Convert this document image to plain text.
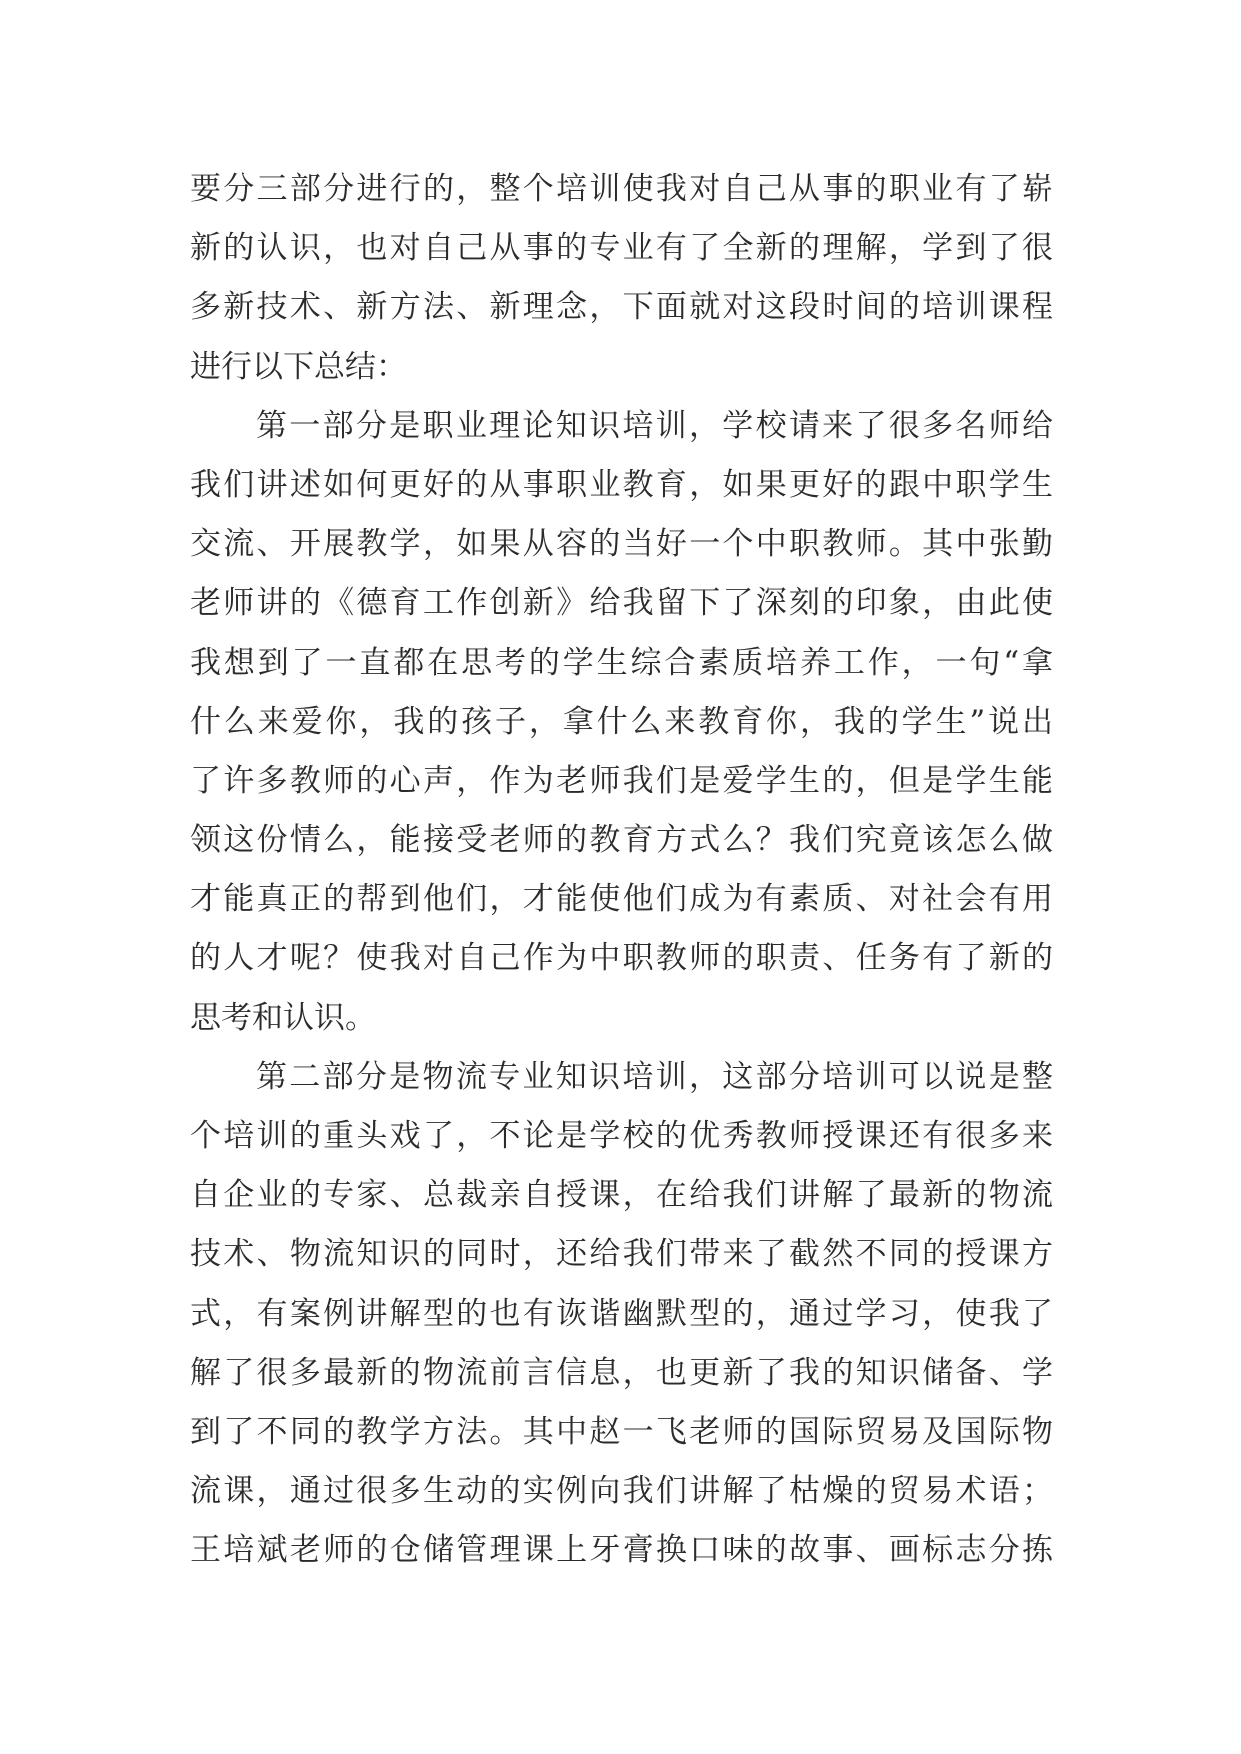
要分三部分进行的，整个培训使我对自己从事的职业有了崭
新的认识，也对自己从事的专业有了全新的理解，学到了很
多新技术、新方法、新理念，下面就对这段时间的培训课程
进行以下总结：
第一部分是职业理论知识培训，学校请来了很多名师给
我们讲述如何更好的从事职业教育，如果更好的跟中职学生
交流、开展教学，如果从容的当好一个中职教师。其中张勤
老师讲的《德育工作创新》给我留下了深刻的印象，由此使
我想到了一直都在思考的学生综合素质培养工作，一句“拿
什么来爱你，我的孩子，拿什么来教育你，我的学生”说出
了许多教师的心声，作为老师我们是爱学生的，但是学生能
领这份情么，能接受老师的教育方式么？我们究竟该怎么做
才能真正的帮到他们，才能使他们成为有素质、对社会有用
的人才呢？使我对自己作为中职教师的职责、任务有了新的
思考和认识。
第二部分是物流专业知识培训，这部分培训可以说是整
个培训的重头戏了，不论是学校的优秀教师授课还有很多来
自企业的专家、总裁亲自授课，在给我们讲解了最新的物流
技术、物流知识的同时，还给我们带来了截然不同的授课方
式，有案例讲解型的也有诙谐幽默型的，通过学习，使我了
解了很多最新的物流前言信息，也更新了我的知识储备、学
到了不同的教学方法。其中赵一飞老师的国际贸易及国际物
流课，通过很多生动的实例向我们讲解了枯燥的贸易术语；
王培斌老师的仓储管理课上牙膏换口味的故事、画标志分拣
